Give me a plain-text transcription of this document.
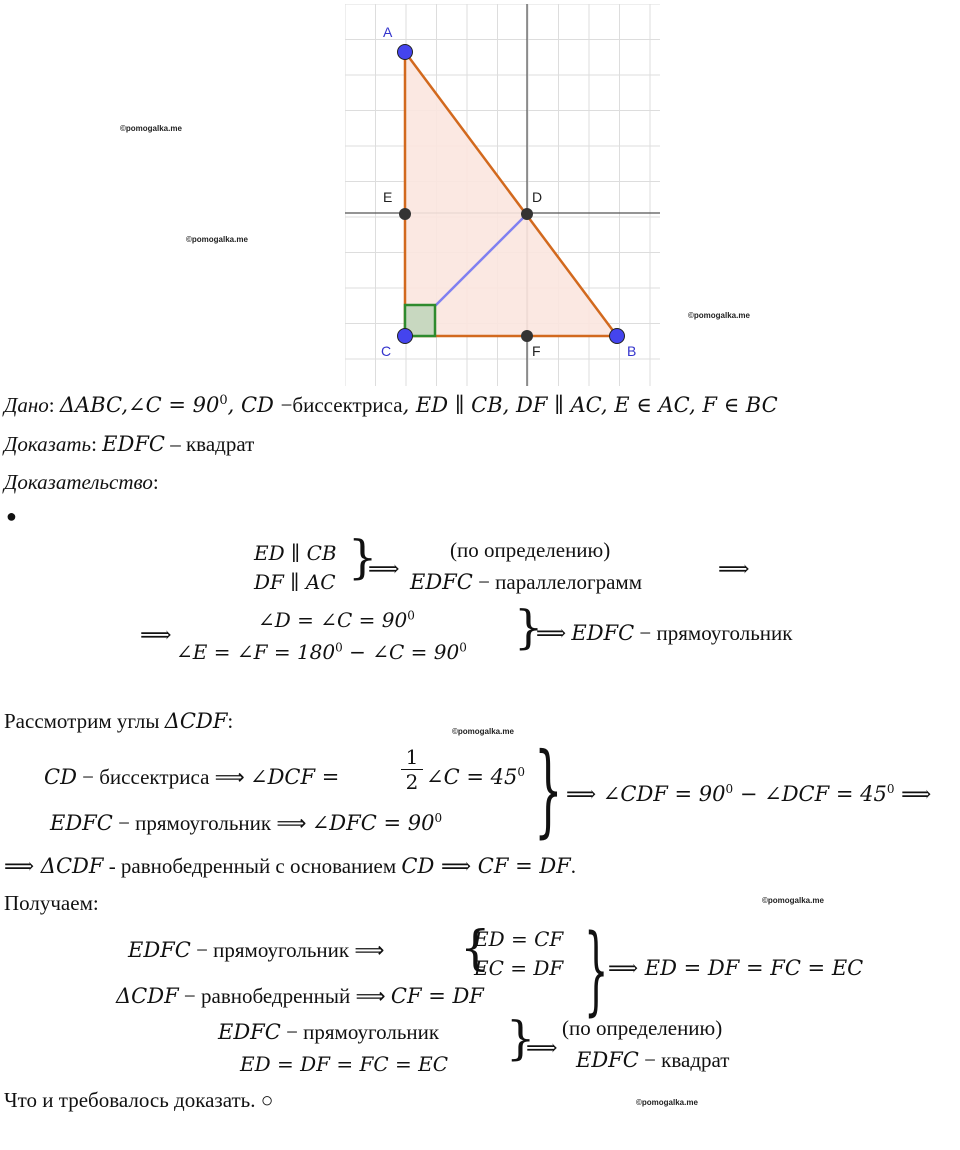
A
E	D
C	F	B
©pomogalka.me
©pomogalka.me
©pomogalka.me
©pomogalka.me
©pomogalka.me
©pomogalka.me
Дано: ΔABC,∠C = $90^0$, CD −биссектриса, ED ∥ CB, DF ∥ AC, E ∈ AC, F ∈ BC
Доказать: EDFC – квадрат
Доказательство:
●
ED ∥ CB
DF ∥ AC }
⟹
(по определению)
EDFC − параллелограмм	⟹
⟹
∠D = ∠C = $90^0$
∠E = ∠F = $180^0$ − ∠C = $90^0$ }
⟹ EDFC − прямоугольник
Рассмотрим углы ΔCDF:
CD − биссектриса ⟹ ∠DCF =
1
2 ∠C = $45^0$
EDFC − прямоугольник ⟹ ∠DFC = $90^0$ } ⟹ ∠CDF = $90^0$ − ∠DCF = $45^0$ ⟹
⟹ ΔCDF - равнобедренный с основанием CD ⟹ CF = DF.
Получаем:
EDFC − прямоугольник ⟹ {
ED = CF
EC = DF
ΔCDF − равнобедренный ⟹ CF = DF } ⟹ ED = DF = FC = EC
EDFC − прямоугольник
ED = DF = FC = EC }
⟹
(по определению)
EDFC − квадрат
Что и требовалось доказать. ○
